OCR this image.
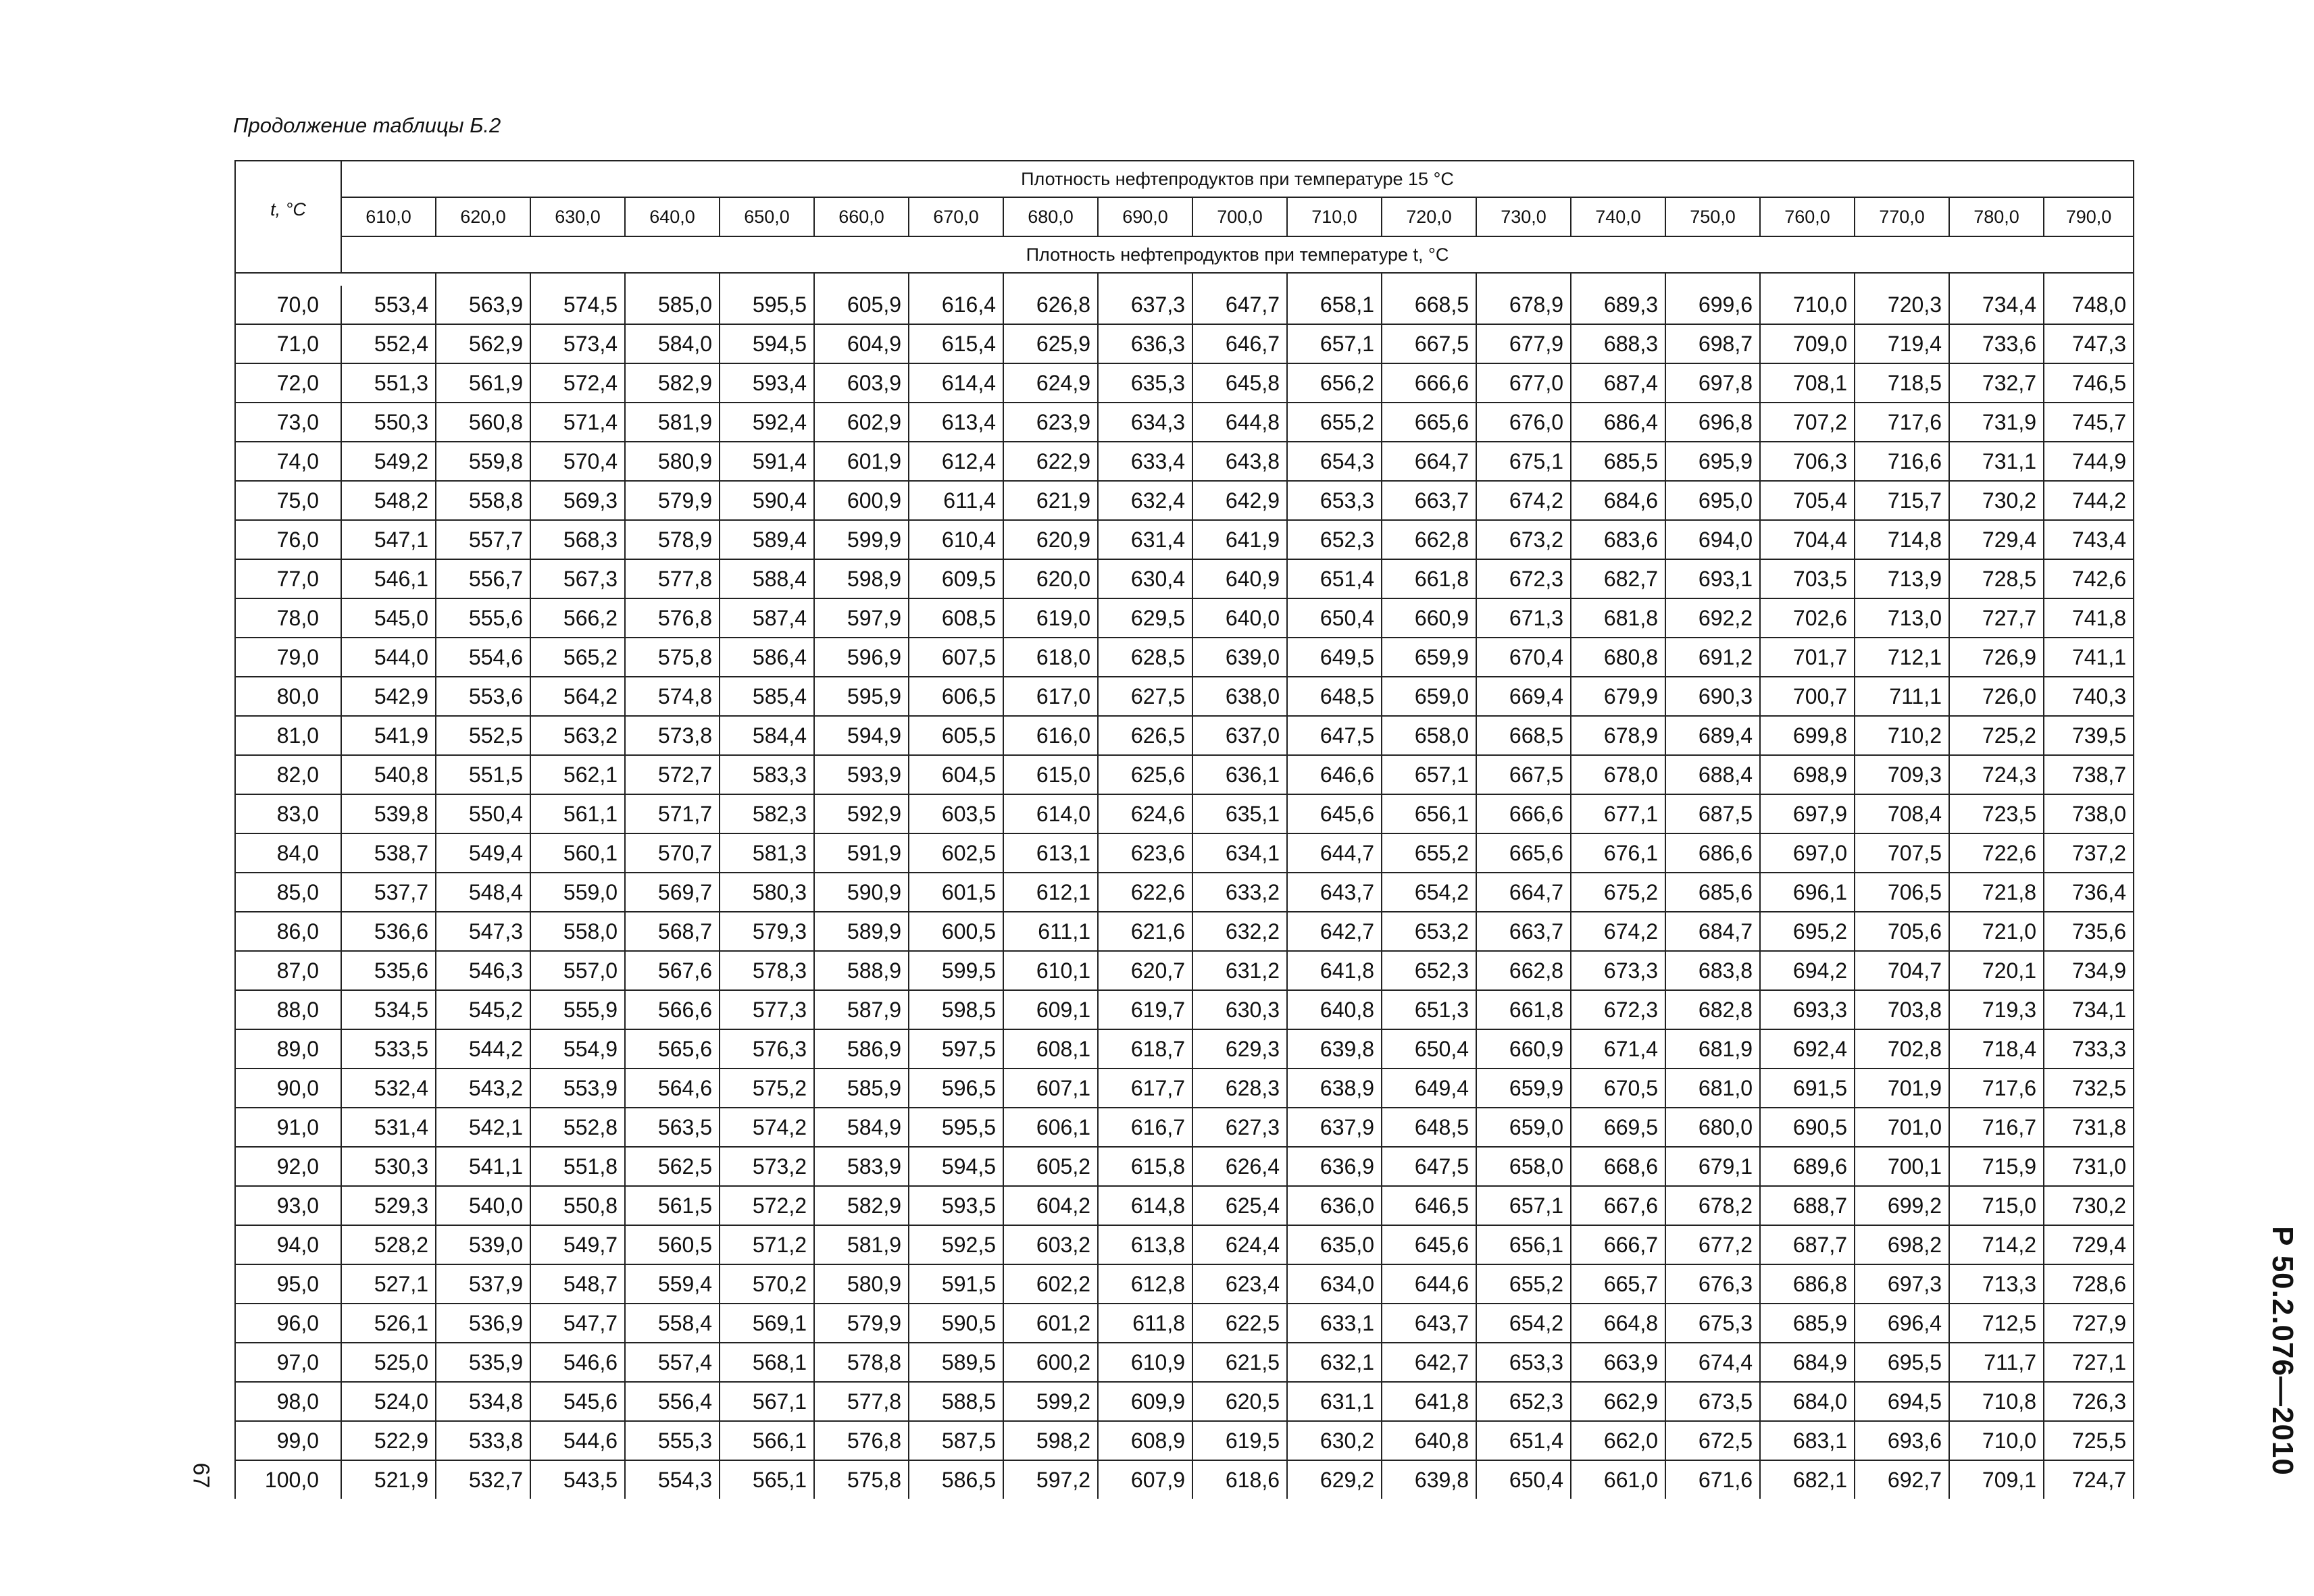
Продолжение таблицы Б.2
t, °C	Плотность нефтепродуктов при температуре 15 °С																		
	610,0	620,0	630,0	640,0	650,0	660,0	670,0	680,0	690,0	700,0	710,0	720,0	730,0	740,0	750,0	760,0	770,0	780,0	790,0
	Плотность нефтепродуктов при температуре t, °C																		

70,0	553,4	563,9	574,5	585,0	595,5	605,9	616,4	626,8	637,3	647,7	658,1	668,5	678,9	689,3	699,6	710,0	720,3	734,4	748,0
71,0	552,4	562,9	573,4	584,0	594,5	604,9	615,4	625,9	636,3	646,7	657,1	667,5	677,9	688,3	698,7	709,0	719,4	733,6	747,3
72,0	551,3	561,9	572,4	582,9	593,4	603,9	614,4	624,9	635,3	645,8	656,2	666,6	677,0	687,4	697,8	708,1	718,5	732,7	746,5
73,0	550,3	560,8	571,4	581,9	592,4	602,9	613,4	623,9	634,3	644,8	655,2	665,6	676,0	686,4	696,8	707,2	717,6	731,9	745,7
74,0	549,2	559,8	570,4	580,9	591,4	601,9	612,4	622,9	633,4	643,8	654,3	664,7	675,1	685,5	695,9	706,3	716,6	731,1	744,9
75,0	548,2	558,8	569,3	579,9	590,4	600,9	611,4	621,9	632,4	642,9	653,3	663,7	674,2	684,6	695,0	705,4	715,7	730,2	744,2
76,0	547,1	557,7	568,3	578,9	589,4	599,9	610,4	620,9	631,4	641,9	652,3	662,8	673,2	683,6	694,0	704,4	714,8	729,4	743,4
77,0	546,1	556,7	567,3	577,8	588,4	598,9	609,5	620,0	630,4	640,9	651,4	661,8	672,3	682,7	693,1	703,5	713,9	728,5	742,6
78,0	545,0	555,6	566,2	576,8	587,4	597,9	608,5	619,0	629,5	640,0	650,4	660,9	671,3	681,8	692,2	702,6	713,0	727,7	741,8
79,0	544,0	554,6	565,2	575,8	586,4	596,9	607,5	618,0	628,5	639,0	649,5	659,9	670,4	680,8	691,2	701,7	712,1	726,9	741,1
80,0	542,9	553,6	564,2	574,8	585,4	595,9	606,5	617,0	627,5	638,0	648,5	659,0	669,4	679,9	690,3	700,7	711,1	726,0	740,3
81,0	541,9	552,5	563,2	573,8	584,4	594,9	605,5	616,0	626,5	637,0	647,5	658,0	668,5	678,9	689,4	699,8	710,2	725,2	739,5
82,0	540,8	551,5	562,1	572,7	583,3	593,9	604,5	615,0	625,6	636,1	646,6	657,1	667,5	678,0	688,4	698,9	709,3	724,3	738,7
83,0	539,8	550,4	561,1	571,7	582,3	592,9	603,5	614,0	624,6	635,1	645,6	656,1	666,6	677,1	687,5	697,9	708,4	723,5	738,0
84,0	538,7	549,4	560,1	570,7	581,3	591,9	602,5	613,1	623,6	634,1	644,7	655,2	665,6	676,1	686,6	697,0	707,5	722,6	737,2
85,0	537,7	548,4	559,0	569,7	580,3	590,9	601,5	612,1	622,6	633,2	643,7	654,2	664,7	675,2	685,6	696,1	706,5	721,8	736,4
86,0	536,6	547,3	558,0	568,7	579,3	589,9	600,5	611,1	621,6	632,2	642,7	653,2	663,7	674,2	684,7	695,2	705,6	721,0	735,6
87,0	535,6	546,3	557,0	567,6	578,3	588,9	599,5	610,1	620,7	631,2	641,8	652,3	662,8	673,3	683,8	694,2	704,7	720,1	734,9
88,0	534,5	545,2	555,9	566,6	577,3	587,9	598,5	609,1	619,7	630,3	640,8	651,3	661,8	672,3	682,8	693,3	703,8	719,3	734,1
89,0	533,5	544,2	554,9	565,6	576,3	586,9	597,5	608,1	618,7	629,3	639,8	650,4	660,9	671,4	681,9	692,4	702,8	718,4	733,3
90,0	532,4	543,2	553,9	564,6	575,2	585,9	596,5	607,1	617,7	628,3	638,9	649,4	659,9	670,5	681,0	691,5	701,9	717,6	732,5
91,0	531,4	542,1	552,8	563,5	574,2	584,9	595,5	606,1	616,7	627,3	637,9	648,5	659,0	669,5	680,0	690,5	701,0	716,7	731,8
92,0	530,3	541,1	551,8	562,5	573,2	583,9	594,5	605,2	615,8	626,4	636,9	647,5	658,0	668,6	679,1	689,6	700,1	715,9	731,0
93,0	529,3	540,0	550,8	561,5	572,2	582,9	593,5	604,2	614,8	625,4	636,0	646,5	657,1	667,6	678,2	688,7	699,2	715,0	730,2
94,0	528,2	539,0	549,7	560,5	571,2	581,9	592,5	603,2	613,8	624,4	635,0	645,6	656,1	666,7	677,2	687,7	698,2	714,2	729,4
95,0	527,1	537,9	548,7	559,4	570,2	580,9	591,5	602,2	612,8	623,4	634,0	644,6	655,2	665,7	676,3	686,8	697,3	713,3	728,6
96,0	526,1	536,9	547,7	558,4	569,1	579,9	590,5	601,2	611,8	622,5	633,1	643,7	654,2	664,8	675,3	685,9	696,4	712,5	727,9
97,0	525,0	535,9	546,6	557,4	568,1	578,8	589,5	600,2	610,9	621,5	632,1	642,7	653,3	663,9	674,4	684,9	695,5	711,7	727,1
98,0	524,0	534,8	545,6	556,4	567,1	577,8	588,5	599,2	609,9	620,5	631,1	641,8	652,3	662,9	673,5	684,0	694,5	710,8	726,3
99,0	522,9	533,8	544,6	555,3	566,1	576,8	587,5	598,2	608,9	619,5	630,2	640,8	651,4	662,0	672,5	683,1	693,6	710,0	725,5
100,0	521,9	532,7	543,5	554,3	565,1	575,8	586,5	597,2	607,9	618,6	629,2	639,8	650,4	661,0	671,6	682,1	692,7	709,1	724,7
Р 50.2.076—2010
67
